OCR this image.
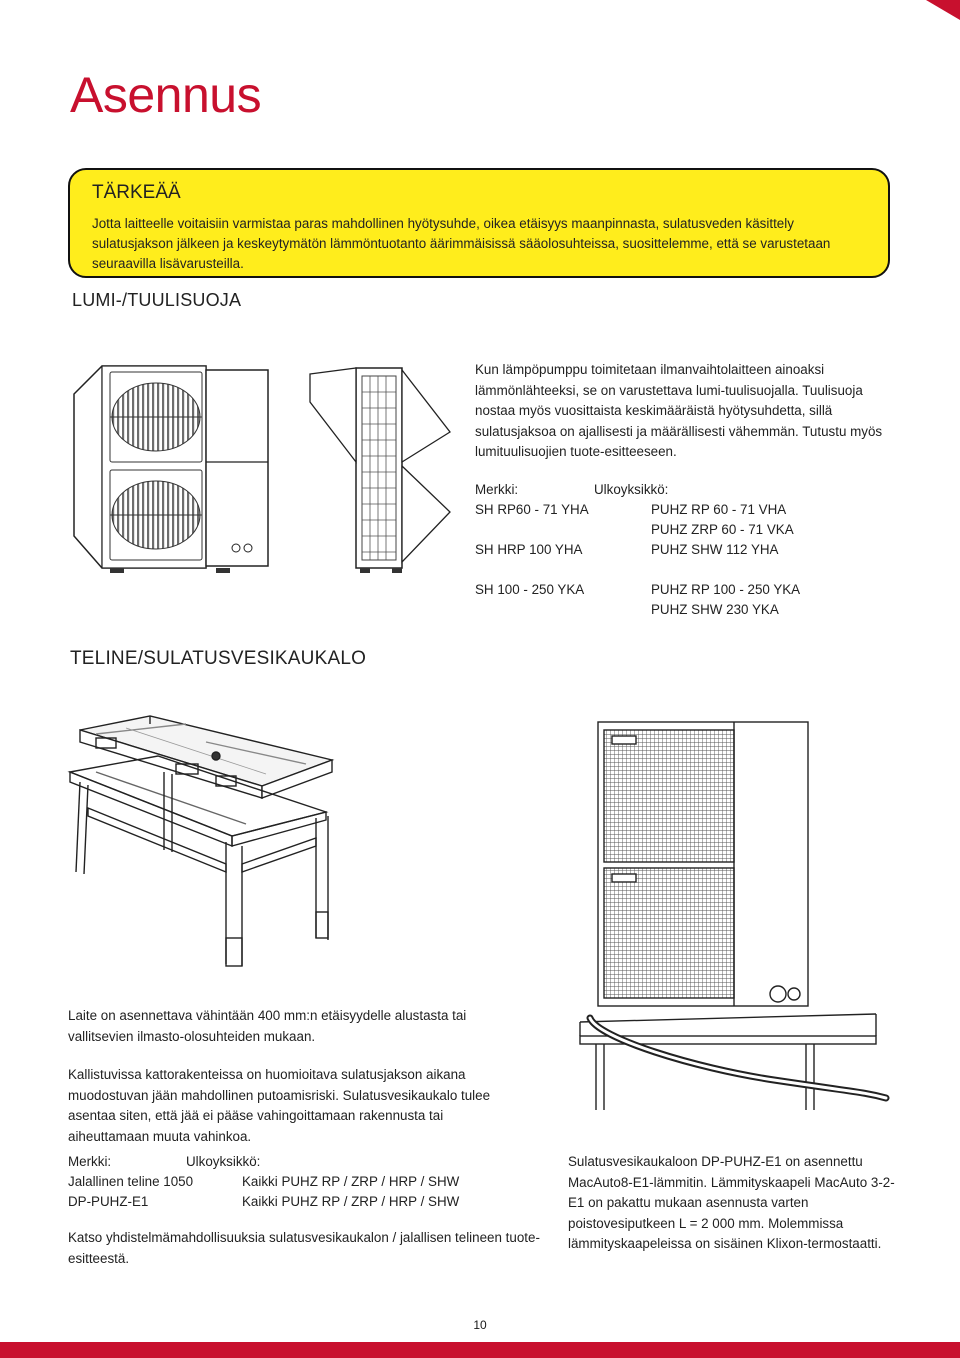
Asennus
TÄRKEÄÄ
Jotta laitteelle voitaisiin varmistaa paras mahdollinen hyötysuhde, oikea etäisyys maanpinnasta, sulatusveden käsittely sulatusjakson jälkeen ja keskeytymätön lämmöntuotanto äärimmäisissä sääolosuhteissa, suosittelemme, että se varustetaan seuraavilla lisävarusteilla.
LUMI-/TUULISUOJA
Kun lämpöpumppu toimitetaan ilmanvaihtolaitteen ainoaksi lämmönlähteeksi, se on varustettava lumi-tuulisuojalla. Tuulisuoja nostaa myös vuosittaista keskimääräistä hyötysuhdetta, sillä sulatusjaksoa on ajallisesti ja määrällisesti vähemmän. Tutustu myös lumituulisuojien tuote-esitteeseen.
Merkki:	Ulkoyksikkö:
SH RP60 - 71 YHA	PUHZ RP 60 - 71 VHA
PUHZ ZRP 60 - 71 VKA
SH HRP 100 YHA	PUHZ SHW 112 YHA
SH 100 - 250 YKA	PUHZ RP 100 - 250 YKA
PUHZ SHW 230 YKA
TELINE/SULATUSVESIKAUKALO

Laite on asennettava vähintään 400 mm:n etäisyydelle alustasta tai vallitsevien ilmasto-olosuhteiden mukaan.

Kallistuvissa kattorakenteissa on huomioitava sulatusjakson aikana muodostuvan jään mahdollinen putoamisriski. Sulatusvesikaukalo tulee asentaa siten, että jää ei pääse vahingoittamaan rakennusta tai aiheuttamaan muuta vahinkoa.

Merkki:	Ulkoyksikkö:
Jalallinen teline 1050	Kaikki PUHZ RP / ZRP / HRP / SHW
DP-PUHZ-E1	Kaikki PUHZ RP / ZRP / HRP / SHW
Katso yhdistelmämahdollisuuksia sulatusvesikaukalon / jalallisen telineen tuote-esitteestä.
Sulatusvesikaukaloon DP-PUHZ-E1 on asennettu MacAuto8-E1-lämmitin. Lämmityskaapeli MacAuto 3-2-E1 on pakattu mukaan asennusta varten poistovesiputkeen L = 2 000 mm. Molemmissa lämmityskaapeleissa on sisäinen Klixon-termostaatti.
10
